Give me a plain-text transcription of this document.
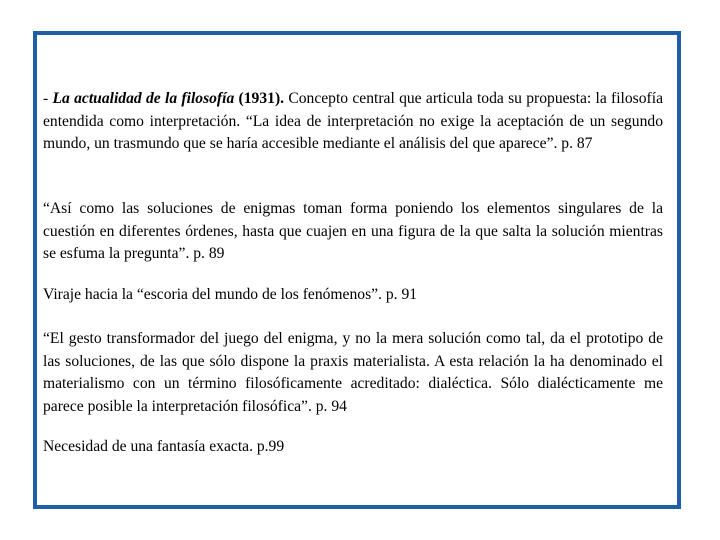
- La actualidad de la filosofía (1931). Concepto central que articula toda su propuesta: la filosofía entendida como interpretación. “La idea de interpretación no exige la aceptación de un segundo mundo, un trasmundo que se haría accesible mediante el análisis del que aparece”. p. 87

“Así como las soluciones de enigmas toman forma poniendo los elementos singulares de la cuestión en diferentes órdenes, hasta que cuajen en una figura de la que salta la solución mientras se esfuma la pregunta”. p. 89

Viraje hacia la “escoria del mundo de los fenómenos”. p. 91

“El gesto transformador del juego del enigma, y no la mera solución como tal, da el prototipo de las soluciones, de las que sólo dispone la praxis materialista. A esta relación la ha denominado el materialismo con un término filosóficamente acreditado: dialéctica. Sólo dialécticamente me parece posible la interpretación filosófica”. p. 94

Necesidad de una fantasía exacta. p.99
